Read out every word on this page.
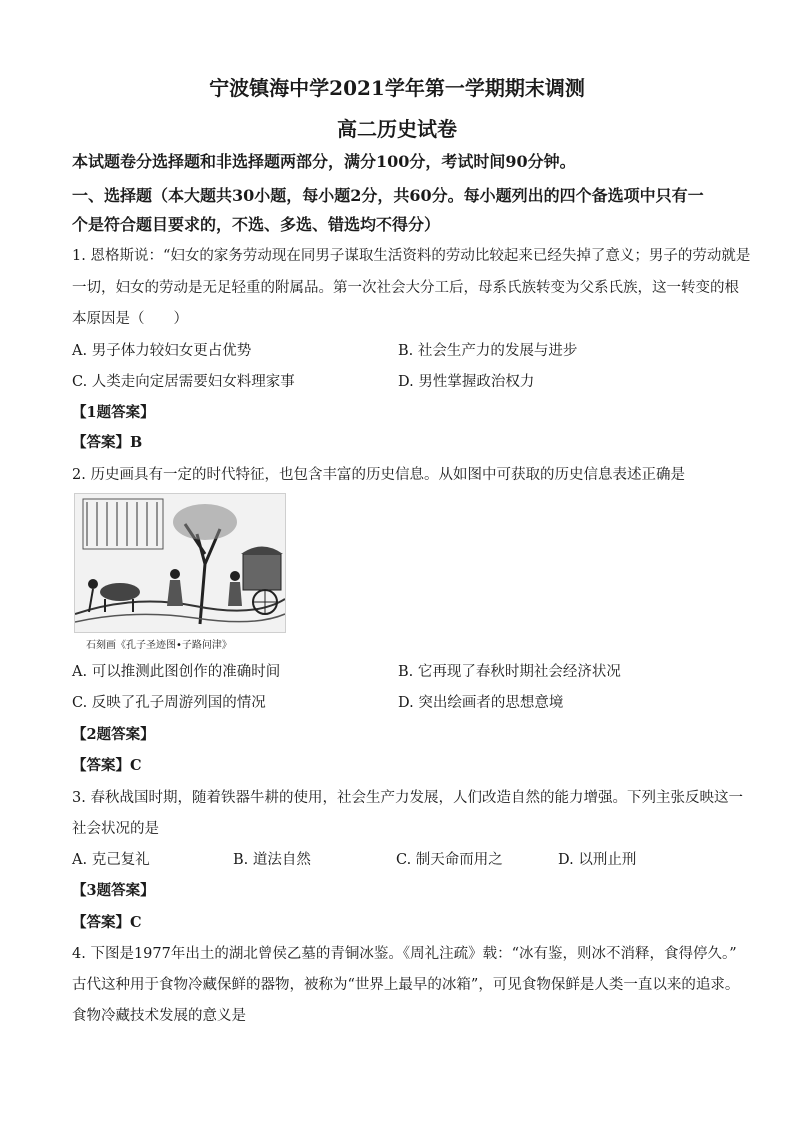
宁波镇海中学2021学年第一学期期末调测
高二历史试卷
本试题卷分选择题和非选择题两部分，满分100分，考试时间90分钟。
一、选择题（本大题共30小题，每小题2分，共60分。每小题列出的四个备选项中只有一
个是符合题目要求的，不选、多选、错选均不得分）
1. 恩格斯说：“妇女的家务劳动现在同男子谋取生活资料的劳动比较起来已经失掉了意义；男子的劳动就是
一切，妇女的劳动是无足轻重的附属品。第一次社会大分工后，母系氏族转变为父系氏族，这一转变的根
本原因是（　　）
A. 男子体力较妇女更占优势	B. 社会生产力的发展与进步
C. 人类走向定居需要妇女料理家事	D. 男性掌握政治权力
【1题答案】
【答案】B
2. 历史画具有一定的时代特征，也包含丰富的历史信息。从如图中可获取的历史信息表述正确是
石刻画《孔子圣迹图•子路问津》
A. 可以推测此图创作的准确时间	B. 它再现了春秋时期社会经济状况
C. 反映了孔子周游列国的情况	D. 突出绘画者的思想意境
【2题答案】
【答案】C
3. 春秋战国时期，随着铁器牛耕的使用，社会生产力发展，人们改造自然的能力增强。下列主张反映这一
社会状况的是
A. 克己复礼	B. 道法自然	C. 制天命而用之	D. 以刑止刑
【3题答案】
【答案】C
4. 下图是1977年出土的湖北曾侯乙墓的青铜冰鉴。《周礼注疏》载：“冰有鉴，则冰不消释，食得停久。”
古代这种用于食物冷藏保鲜的器物，被称为“世界上最早的冰箱”，可见食物保鲜是人类一直以来的追求。
食物冷藏技术发展的意义是
